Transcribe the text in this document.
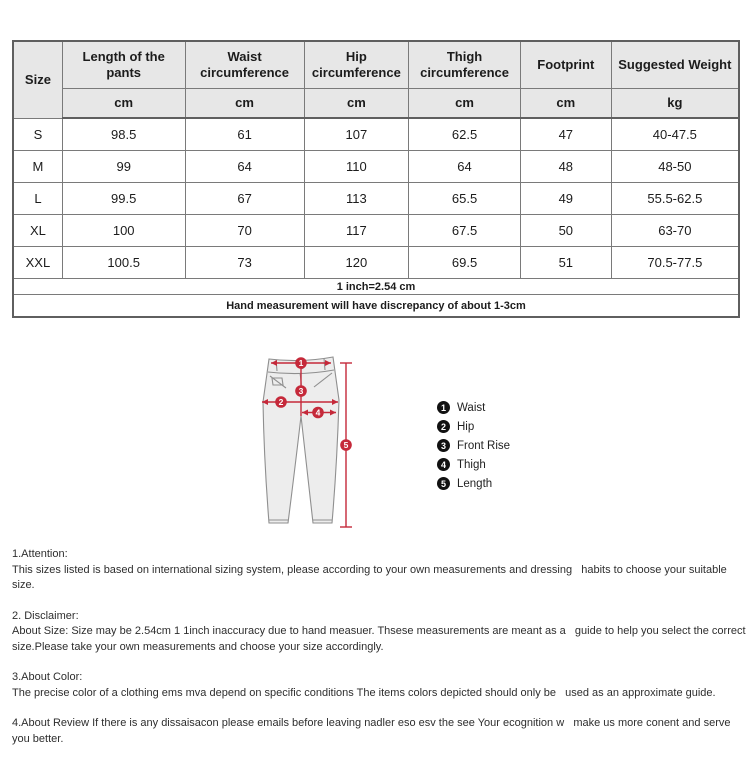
Size	Length of the pants	Waist circumference	Hip circumference	Thigh circumference	Footprint	Suggested Weight
	cm	cm	cm	cm	cm	kg
S	98.5	61	107	62.5	47	40-47.5
M	99	64	110	64	48	48-50
L	99.5	67	113	65.5	49	55.5-62.5
XL	100	70	117	67.5	50	63-70
XXL	100.5	73	120	69.5	51	70.5-77.5
1 inch=2.54 cm						
Hand measurement will have discrepancy of about 1-3cm						
1
2
3
4
5
1 Waist
2 Hip
3 Front Rise
4 Thigh
5 Length
1.Attention:
This sizes listed is based on international sizing system, please according to your own measurements and dressing   habits to choose your suitable size.
2. Disclaimer:
About Size: Size may be 2.54cm 1 1inch inaccuracy due to hand measuer. Thsese measurements are meant as a   guide to help you select the correct size.Please take your own measurements and choose your size accordingly.
3.About Color:
The precise color of a clothing ems mva depend on specific conditions The items colors depicted should only be   used as an approximate guide.
4.About Review If there is any dissaisacon please emails before leaving nadler eso esv the see Your ecognition w   make us more conent and serve you better.
